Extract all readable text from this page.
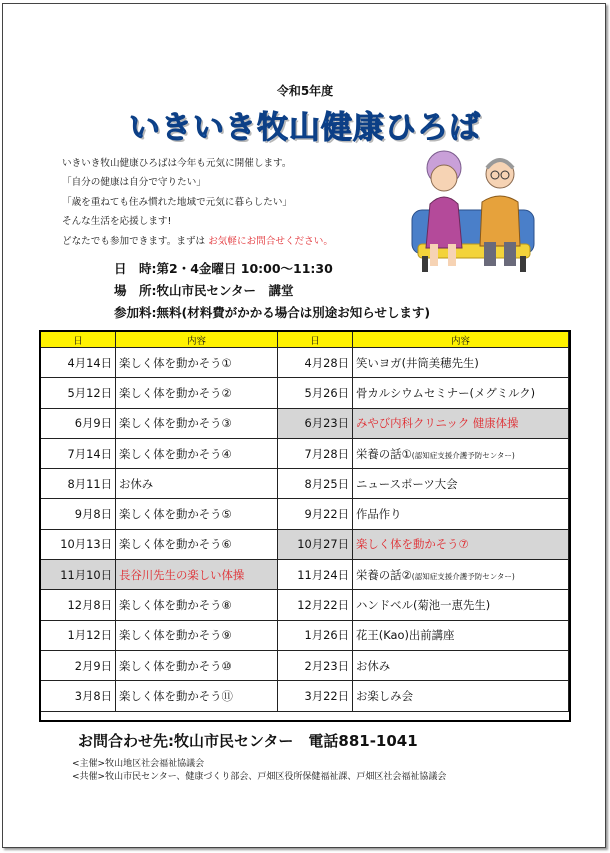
令和5年度
いきいき牧山健康ひろば
いきいき牧山健康ひろばは今年も元気に開催します。
「自分の健康は自分で守りたい」
「歳を重ねても住み慣れた地域で元気に暮らしたい」
そんな生活を応援します!
どなたでも参加できます。まずは お気軽にお問合せください。
日　時:第2・4金曜日 10:00〜11:30
場　所:牧山市民センター　講堂
参加料:無料(材料費がかかる場合は別途お知らせします)
日	内容	日	内容
4月14日	楽しく体を動かそう①	4月28日	笑いヨガ(井筒美穂先生)
5月12日	楽しく体を動かそう②	5月26日	骨カルシウムセミナー(メグミルク)
6月9日	楽しく体を動かそう③	6月23日	みやび内科クリニック 健康体操
7月14日	楽しく体を動かそう④	7月28日	栄養の話①(認知症支援介護予防センター)
8月11日	お休み	8月25日	ニュースポーツ大会
9月8日	楽しく体を動かそう⑤	9月22日	作品作り
10月13日	楽しく体を動かそう⑥	10月27日	楽しく体を動かそう⑦
11月10日	長谷川先生の楽しい体操	11月24日	栄養の話②(認知症支援介護予防センター)
12月8日	楽しく体を動かそう⑧	12月22日	ハンドベル(菊池一恵先生)
1月12日	楽しく体を動かそう⑨	1月26日	花王(Kao)出前講座
2月9日	楽しく体を動かそう⑩	2月23日	お休み
3月8日	楽しく体を動かそう⑪	3月22日	お楽しみ会
お問合わせ先:牧山市民センター　電話881-1041
<主催>牧山地区社会福祉協議会
<共催>牧山市民センター、健康づくり部会、戸畑区役所保健福祉課、戸畑区社会福祉協議会
